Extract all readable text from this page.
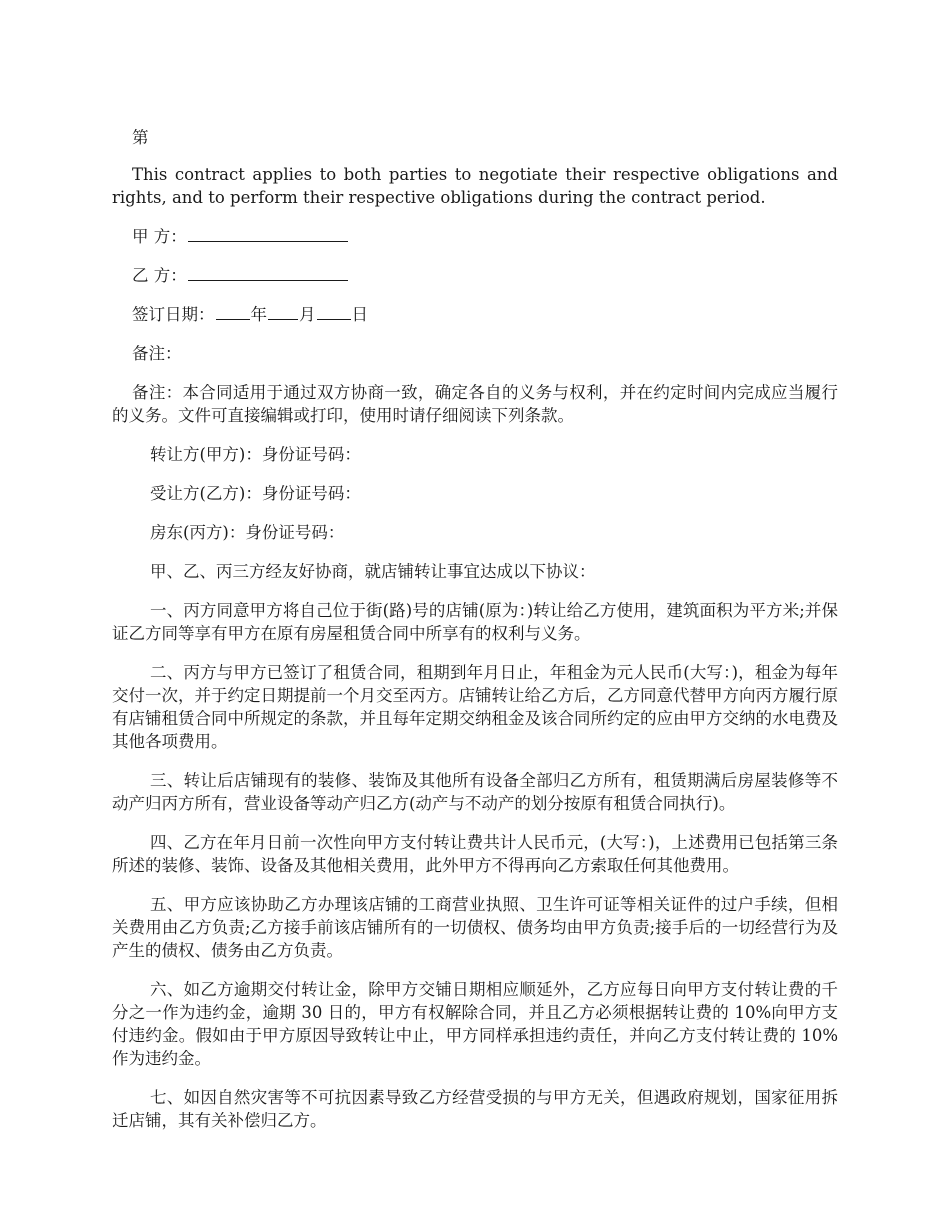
第

This contract applies to both parties to negotiate their respective obligations and rights, and to perform their respective obligations during the contract period.

甲 方：

乙 方：

签订日期： 年 月 日

备注：

备注：本合同适用于通过双方协商一致，确定各自的义务与权利，并在约定时间内完成应当履行的义务。文件可直接编辑或打印，使用时请仔细阅读下列条款。

转让方(甲方)：身份证号码：

受让方(乙方)：身份证号码：

房东(丙方)：身份证号码：

甲、乙、丙三方经友好协商，就店铺转让事宜达成以下协议：

一、丙方同意甲方将自己位于街(路)号的店铺(原为：)转让给乙方使用，建筑面积为平方米;并保证乙方同等享有甲方在原有房屋租赁合同中所享有的权利与义务。

二、丙方与甲方已签订了租赁合同，租期到年月日止，年租金为元人民币(大写：)，租金为每年交付一次，并于约定日期提前一个月交至丙方。店铺转让给乙方后，乙方同意代替甲方向丙方履行原有店铺租赁合同中所规定的条款，并且每年定期交纳租金及该合同所约定的应由甲方交纳的水电费及其他各项费用。

三、转让后店铺现有的装修、装饰及其他所有设备全部归乙方所有，租赁期满后房屋装修等不动产归丙方所有，营业设备等动产归乙方(动产与不动产的划分按原有租赁合同执行)。

四、乙方在年月日前一次性向甲方支付转让费共计人民币元，(大写：)，上述费用已包括第三条所述的装修、装饰、设备及其他相关费用，此外甲方不得再向乙方索取任何其他费用。

五、甲方应该协助乙方办理该店铺的工商营业执照、卫生许可证等相关证件的过户手续，但相关费用由乙方负责;乙方接手前该店铺所有的一切债权、债务均由甲方负责;接手后的一切经营行为及产生的债权、债务由乙方负责。

六、如乙方逾期交付转让金，除甲方交铺日期相应顺延外，乙方应每日向甲方支付转让费的千分之一作为违约金，逾期 30 日的，甲方有权解除合同，并且乙方必须根据转让费的 10%向甲方支付违约金。假如由于甲方原因导致转让中止，甲方同样承担违约责任，并向乙方支付转让费的 10%作为违约金。

七、如因自然灾害等不可抗因素导致乙方经营受损的与甲方无关，但遇政府规划，国家征用拆迁店铺，其有关补偿归乙方。
